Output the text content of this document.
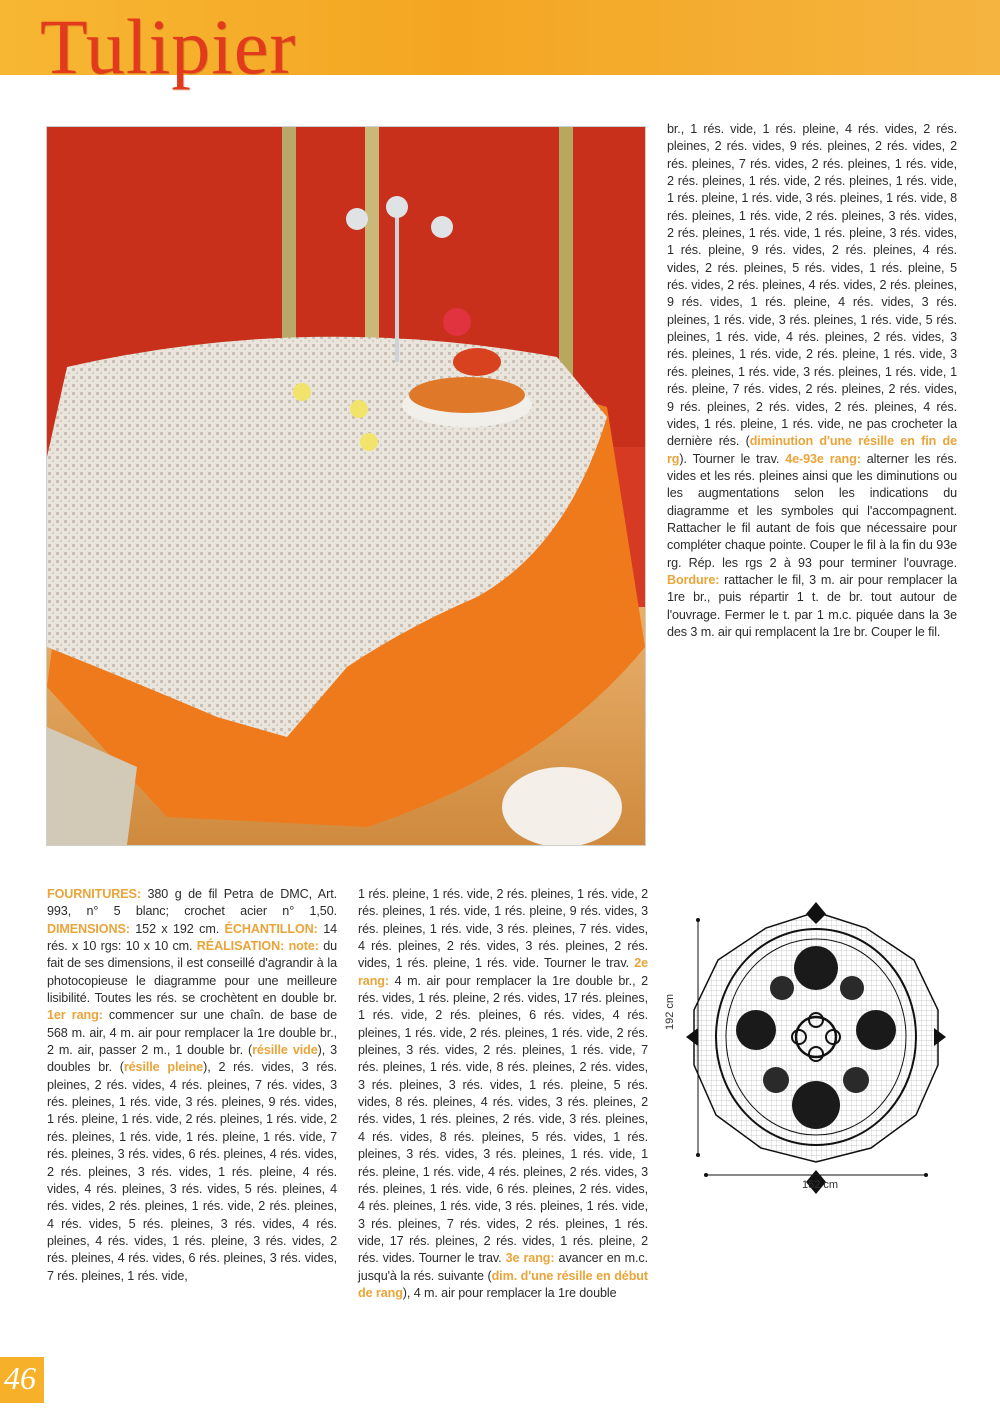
Tulipier

br., 1 rés. vide, 1 rés. pleine, 4 rés. vides, 2 rés. pleines, 2 rés. vides, 9 rés. pleines, 2 rés. vides, 2 rés. pleines, 7 rés. vides, 2 rés. pleines, 1 rés. vide, 2 rés. pleines, 1 rés. vide, 2 rés. pleines, 1 rés. vide, 1 rés. pleine, 1 rés. vide, 3 rés. pleines, 1 rés. vide, 8 rés. pleines, 1 rés. vide, 2 rés. pleines, 3 rés. vides, 2 rés. pleines, 1 rés. vide, 1 rés. pleine, 3 rés. vides, 1 rés. pleine, 9 rés. vides, 2 rés. pleines, 4 rés. vides, 2 rés. pleines, 5 rés. vides, 1 rés. pleine, 5 rés. vides, 2 rés. pleines, 4 rés. vides, 2 rés. pleines, 9 rés. vides, 1 rés. pleine, 4 rés. vides, 3 rés. pleines, 1 rés. vide, 3 rés. pleines, 1 rés. vide, 5 rés. pleines, 1 rés. vide, 4 rés. pleines, 2 rés. vides, 3 rés. pleines, 1 rés. vide, 2 rés. pleine, 1 rés. vide, 3 rés. pleines, 1 rés. vide, 3 rés. pleines, 1 rés. vide, 1 rés. pleine, 7 rés. vides, 2 rés. pleines, 2 rés. vides, 9 rés. pleines, 2 rés. vides, 2 rés. pleines, 4 rés. vides, 1 rés. pleine, 1 rés. vide, ne pas crocheter la dernière rés. (diminution d'une résille en fin de rg). Tourner le trav. 4e-93e rang: alterner les rés. vides et les rés. pleines ainsi que les diminutions ou les augmentations selon les indications du diagramme et les symboles qui l'accompagnent. Rattacher le fil autant de fois que nécessaire pour compléter chaque pointe. Couper le fil à la fin du 93e rg. Rép. les rgs 2 à 93 pour terminer l'ouvrage. Bordure: rattacher le fil, 3 m. air pour remplacer la 1re br., puis répartir 1 t. de br. tout autour de l'ouvrage. Fermer le t. par 1 m.c. piquée dans la 3e des 3 m. air qui remplacent la 1re br. Couper le fil.

FOURNITURES: 380 g de fil Petra de DMC, Art. 993, n° 5 blanc; crochet acier n° 1,50. DIMENSIONS: 152 x 192 cm. ÉCHANTILLON: 14 rés. x 10 rgs: 10 x 10 cm. RÉALISATION: note: du fait de ses dimensions, il est conseillé d'agrandir à la photocopieuse le diagramme pour une meilleure lisibilité. Toutes les rés. se crochètent en double br. 1er rang: commencer sur une chaîn. de base de 568 m. air, 4 m. air pour remplacer la 1re double br., 2 m. air, passer 2 m., 1 double br. (résille vide), 3 doubles br. (résille pleine), 2 rés. vides, 3 rés. pleines, 2 rés. vides, 4 rés. pleines, 7 rés. vides, 3 rés. pleines, 1 rés. vide, 3 rés. pleines, 9 rés. vides, 1 rés. pleine, 1 rés. vide, 2 rés. pleines, 1 rés. vide, 2 rés. pleines, 1 rés. vide, 1 rés. pleine, 1 rés. vide, 7 rés. pleines, 3 rés. vides, 6 rés. pleines, 4 rés. vides, 2 rés. pleines, 3 rés. vides, 1 rés. pleine, 4 rés. vides, 4 rés. pleines, 3 rés. vides, 5 rés. pleines, 4 rés. vides, 2 rés. pleines, 1 rés. vide, 2 rés. pleines, 4 rés. vides, 5 rés. pleines, 3 rés. vides, 4 rés. pleines, 4 rés. vides, 1 rés. pleine, 3 rés. vides, 2 rés. pleines, 4 rés. vides, 6 rés. pleines, 3 rés. vides, 7 rés. pleines, 1 rés. vide,

1 rés. pleine, 1 rés. vide, 2 rés. pleines, 1 rés. vide, 2 rés. pleines, 1 rés. vide, 1 rés. pleine, 9 rés. vides, 3 rés. pleines, 1 rés. vide, 3 rés. pleines, 7 rés. vides, 4 rés. pleines, 2 rés. vides, 3 rés. pleines, 2 rés. vides, 1 rés. pleine, 1 rés. vide. Tourner le trav. 2e rang: 4 m. air pour remplacer la 1re double br., 2 rés. vides, 1 rés. pleine, 2 rés. vides, 17 rés. pleines, 1 rés. vide, 2 rés. pleines, 6 rés. vides, 4 rés. pleines, 1 rés. vide, 2 rés. pleines, 1 rés. vide, 2 rés. pleines, 3 rés. vides, 2 rés. pleines, 1 rés. vide, 7 rés. pleines, 1 rés. vide, 8 rés. pleines, 2 rés. vides, 3 rés. pleines, 3 rés. vides, 1 rés. pleine, 5 rés. vides, 8 rés. pleines, 4 rés. vides, 3 rés. pleines, 2 rés. vides, 1 rés. pleines, 2 rés. vide, 3 rés. pleines, 4 rés. vides, 8 rés. pleines, 5 rés. vides, 1 rés. pleines, 3 rés. vides, 3 rés. pleines, 1 rés. vide, 1 rés. pleine, 1 rés. vide, 4 rés. pleines, 2 rés. vides, 3 rés. pleines, 1 rés. vide, 6 rés. pleines, 2 rés. vides, 4 rés. pleines, 1 rés. vide, 3 rés. pleines, 1 rés. vide, 3 rés. pleines, 7 rés. vides, 2 rés. pleines, 1 rés. vide, 17 rés. pleines, 2 rés. vides, 1 rés. pleine, 2 rés. vides. Tourner le trav. 3e rang: avancer en m.c. jusqu'à la rés. suivante (dim. d'une résille en début de rang), 4 m. air pour remplacer la 1re double

152 cm
192 cm
46
